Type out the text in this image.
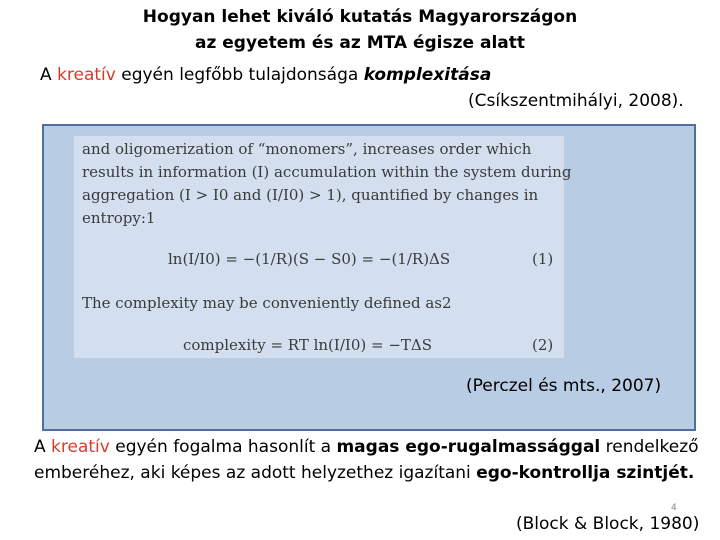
Hogyan lehet kiváló kutatás Magyarországon
az egyetem és az MTA égisze alatt
A kreatív egyén legfőbb tulajdonsága komplexitása
(Csíkszentmihályi, 2008).
and oligomerization of “monomers”, increases order which
results in information (I) accumulation within the system during
aggregation (I > I0 and (I/I0) > 1), quantified by changes in
entropy:1
ln(I/I0) = −(1/R)(S − S0) = −(1/R)ΔS	(1)
The complexity may be conveniently defined as2
complexity = RT ln(I/I0) = −TΔS	(2)
(Perczel és mts., 2007)
A kreatív egyén fogalma hasonlít a magas ego-rugalmassággal rendelkező
emberéhez, aki képes az adott helyzethez igazítani ego-kontrollja szintjét.
4
(Block & Block, 1980)
